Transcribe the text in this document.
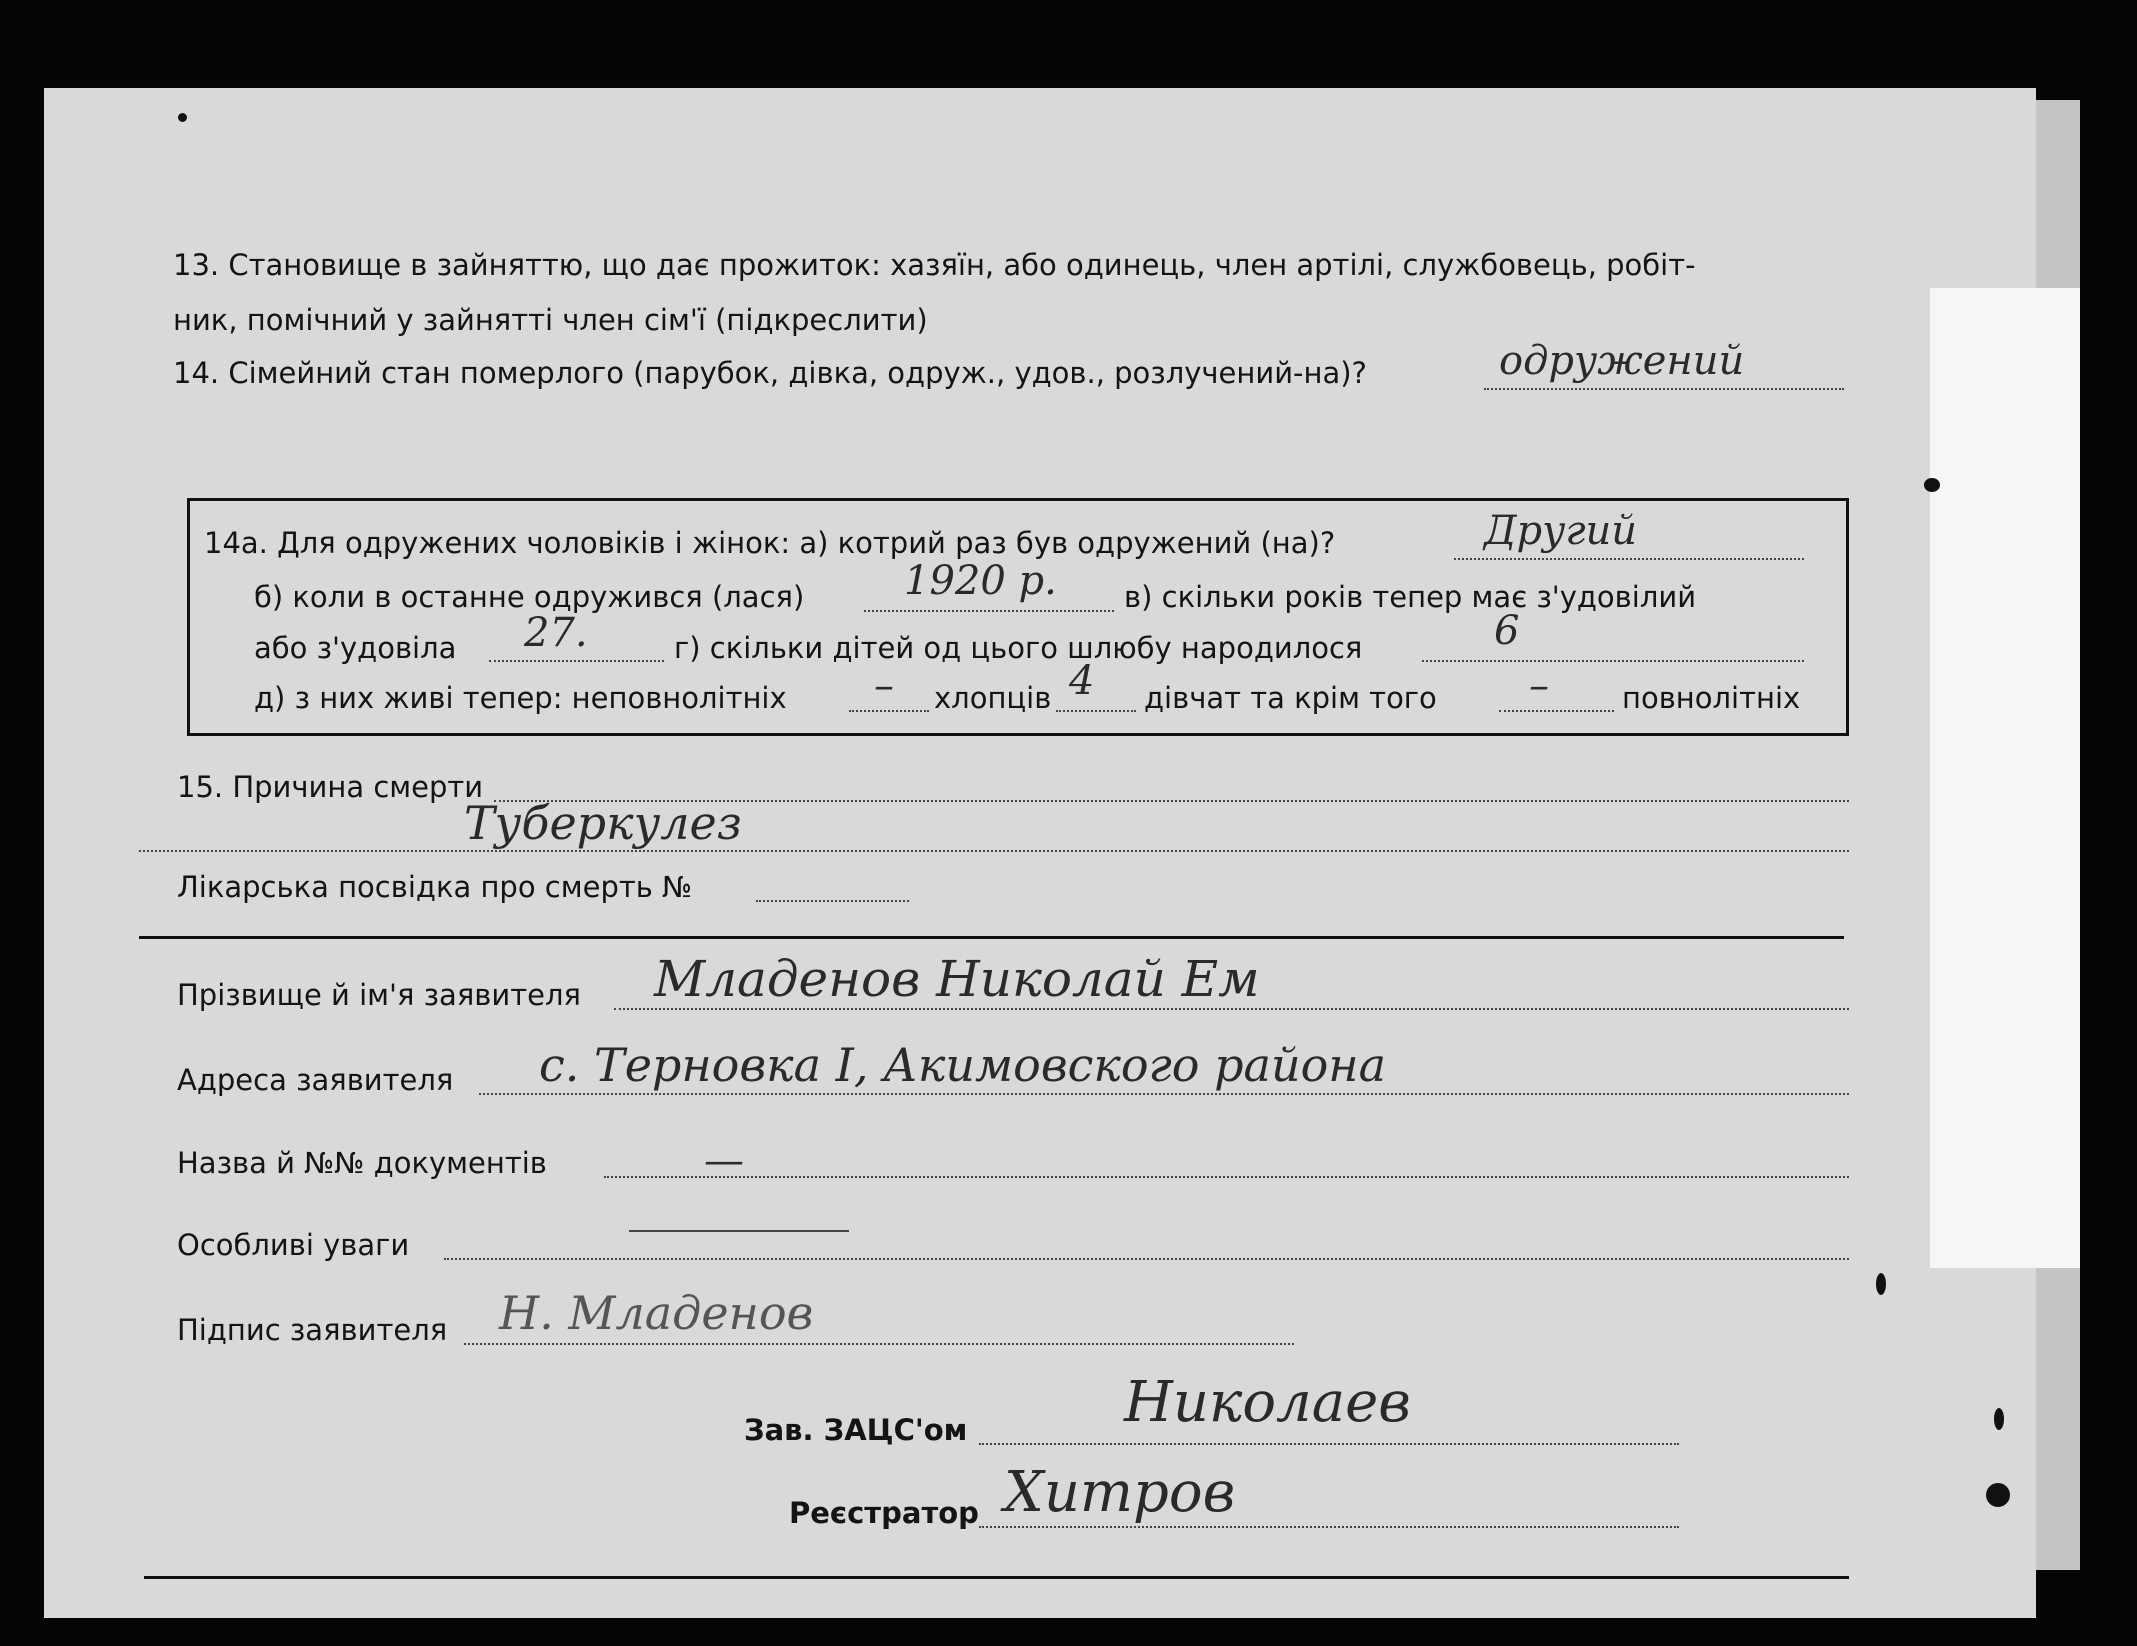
13. Становище в зайняттю, що дає прожиток: хазяїн, або одинець, член артілі, службовець, робіт-
ник, помічний у зайнятті член сім'ї (підкреслити)
14. Сімейний стан померлого (парубок, дівка, одруж., удов., розлучений-на)?	одружений
14а. Для одружених чоловіків і жінок: а) котрий раз був одружений (на)?	Другий
б) коли в останне одружився (лася) 1920 р. в) скільки років тепер має з'удовілий
або з'удовіла 27.	г) скільки дітей од цього шлюбу народилося	6
д) з них живі тепер: неповнолітніх – хлопців 4 дівчат та крім того –	повнолітніх
15. Причина смерти
Туберкулез
Лікарська посвідка про смерть №
Прізвище й ім'я заявителя Младенов Николай Ем
Адреса заявителя с. Терновка I, Акимовского района
Назва й №№ документів	—
Особливі уваги
Підпис заявителя Н. Младенов
Зав. ЗАЦС'ом	Николаев
Реєстратор Хитров
